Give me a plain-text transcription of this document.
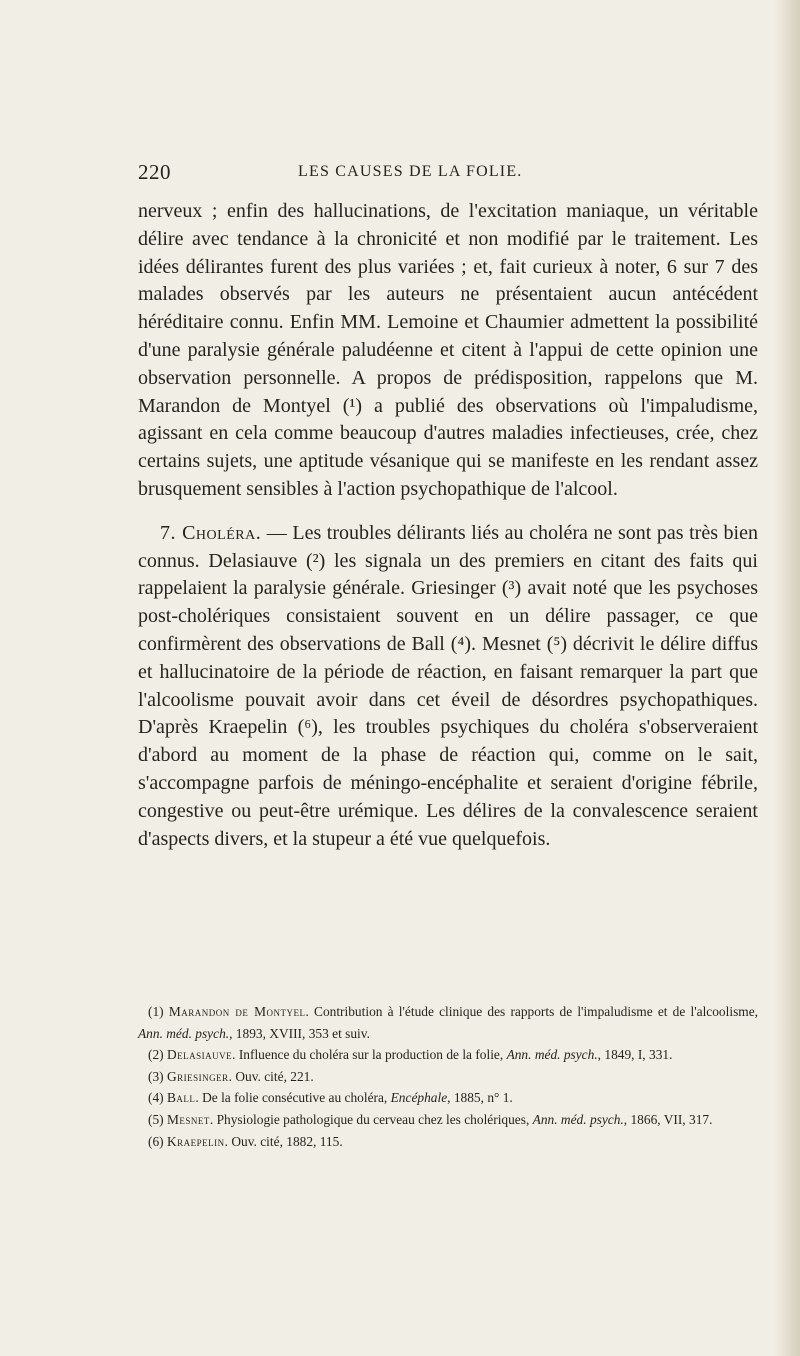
220	LES CAUSES DE LA FOLIE.

nerveux ; enfin des hallucinations, de l'excitation maniaque, un véritable délire avec tendance à la chronicité et non modifié par le traitement. Les idées délirantes furent des plus variées ; et, fait curieux à noter, 6 sur 7 des malades observés par les auteurs ne présentaient aucun antécédent héréditaire connu. Enfin MM. Lemoine et Chaumier admettent la possibilité d'une paralysie générale paludéenne et citent à l'appui de cette opinion une observation personnelle. A propos de prédisposition, rappelons que M. Marandon de Montyel (¹) a publié des observations où l'impaludisme, agissant en cela comme beaucoup d'autres maladies infectieuses, crée, chez certains sujets, une aptitude vésanique qui se manifeste en les rendant assez brusquement sensibles à l'action psychopathique de l'alcool.

7. Choléra. — Les troubles délirants liés au choléra ne sont pas très bien connus. Delasiauve (²) les signala un des premiers en citant des faits qui rappelaient la paralysie générale. Griesinger (³) avait noté que les psychoses post-cholériques consistaient souvent en un délire passager, ce que confirmèrent des observations de Ball (⁴). Mesnet (⁵) décrivit le délire diffus et hallucinatoire de la période de réaction, en faisant remarquer la part que l'alcoolisme pouvait avoir dans cet éveil de désordres psychopathiques. D'après Kraepelin (⁶), les troubles psychiques du choléra s'observeraient d'abord au moment de la phase de réaction qui, comme on le sait, s'accompagne parfois de méningo-encéphalite et seraient d'origine fébrile, congestive ou peut-être urémique. Les délires de la convalescence seraient d'aspects divers, et la stupeur a été vue quelquefois.

(1) Marandon de Montyel. Contribution à l'étude clinique des rapports de l'impaludisme et de l'alcoolisme, Ann. méd. psych., 1893, XVIII, 353 et suiv.

(2) Delasiauve. Influence du choléra sur la production de la folie, Ann. méd. psych., 1849, I, 331.

(3) Griesinger. Ouv. cité, 221.

(4) Ball. De la folie consécutive au choléra, Encéphale, 1885, n° 1.

(5) Mesnet. Physiologie pathologique du cerveau chez les cholériques, Ann. méd. psych., 1866, VII, 317.

(6) Kraepelin. Ouv. cité, 1882, 115.
